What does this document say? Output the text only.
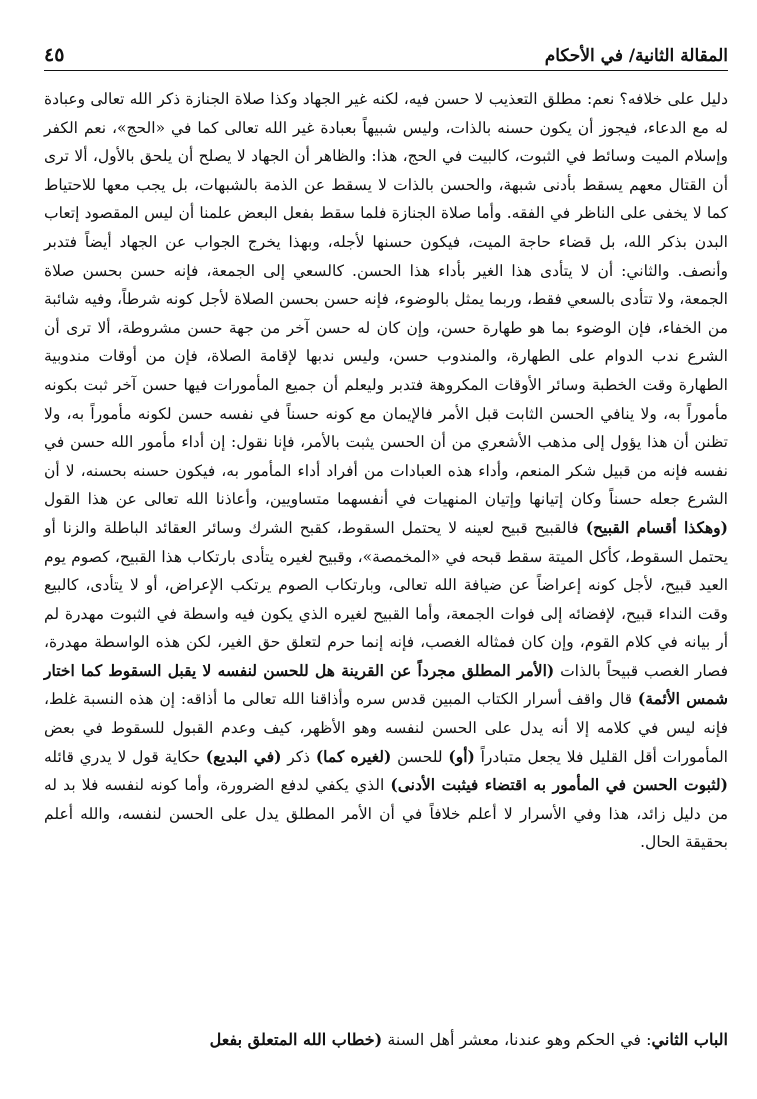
المقالة الثانية/ في الأحكام
٤٥

دليل على خلافه؟ نعم: مطلق التعذيب لا حسن فيه، لكنه غير الجهاد وكذا صلاة الجنازة ذكر الله تعالى وعبادة له مع الدعاء، فيجوز أن يكون حسنه بالذات، وليس شبيهاً بعبادة غير الله تعالى كما في «الحج»، نعم الكفر وإسلام الميت وسائط في الثبوت، كالبيت في الحج، هذا: والظاهر أن الجهاد لا يصلح أن يلحق بالأول، ألا ترى أن القتال معهم يسقط بأدنى شبهة، والحسن بالذات لا يسقط عن الذمة بالشبهات، بل يجب معها للاحتياط كما لا يخفى على الناظر في الفقه. وأما صلاة الجنازة فلما سقط بفعل البعض علمنا أن ليس المقصود إتعاب البدن بذكر الله، بل قضاء حاجة الميت، فيكون حسنها لأجله، وبهذا يخرج الجواب عن الجهاد أيضاً فتدبر وأنصف. والثاني: أن لا يتأدى هذا الغير بأداء هذا الحسن. كالسعي إلى الجمعة، فإنه حسن بحسن صلاة الجمعة، ولا تتأدى بالسعي فقط، وربما يمثل بالوضوء، فإنه حسن بحسن الصلاة لأجل كونه شرطاً، وفيه شائبة من الخفاء، فإن الوضوء بما هو طهارة حسن، وإن كان له حسن آخر من جهة حسن مشروطة، ألا ترى أن الشرع ندب الدوام على الطهارة، والمندوب حسن، وليس ندبها لإقامة الصلاة، فإن من أوقات مندوبية الطهارة وقت الخطبة وسائر الأوقات المكروهة فتدبر وليعلم أن جميع المأمورات فيها حسن آخر ثبت بكونه مأموراً به، ولا ينافي الحسن الثابت قبل الأمر فالإيمان مع كونه حسناً في نفسه حسن لكونه مأموراً به، ولا تظنن أن هذا يؤول إلى مذهب الأشعري من أن الحسن يثبت بالأمر، فإنا نقول: إن أداء مأمور الله حسن في نفسه فإنه من قبيل شكر المنعم، وأداء هذه العبادات من أفراد أداء المأمور به، فيكون حسنه بحسنه، لا أن الشرع جعله حسناً وكان إتيانها وإتيان المنهيات في أنفسهما متساويين، وأعاذنا الله تعالى عن هذا القول (وهكذا أقسام القبيح) فالقبيح قبيح لعينه لا يحتمل السقوط، كقبح الشرك وسائر العقائد الباطلة والزنا أو يحتمل السقوط، كأكل الميتة سقط قبحه في «المخمصة»، وقبيح لغيره يتأدى بارتكاب هذا القبيح، كصوم يوم العيد قبيح، لأجل كونه إعراضاً عن ضيافة الله تعالى، وبارتكاب الصوم يرتكب الإعراض، أو لا يتأدى، كالبيع وقت النداء قبيح، لإفضائه إلى فوات الجمعة، وأما القبيح لغيره الذي يكون فيه واسطة في الثبوت مهدرة لم أر بيانه في كلام القوم، وإن كان فمثاله الغصب، فإنه إنما حرم لتعلق حق الغير، لكن هذه الواسطة مهدرة، فصار الغصب قبيحاً بالذات (الأمر المطلق مجرداً عن القرينة هل للحسن لنفسه لا يقبل السقوط كما اختار شمس الأئمة) قال واقف أسرار الكتاب المبين قدس سره وأذاقنا الله تعالى ما أذاقه: إن هذه النسبة غلط، فإنه ليس في كلامه إلا أنه يدل على الحسن لنفسه وهو الأظهر، كيف وعدم القبول للسقوط في بعض المأمورات أقل القليل فلا يجعل متبادراً (أو) للحسن (لغيره كما) ذكر (في البديع) حكاية قول لا يدري قائله (لثبوت الحسن في المأمور به اقتضاء فيثبت الأدنى) الذي يكفي لدفع الضرورة، وأما كونه لنفسه فلا بد له من دليل زائد، هذا وفي الأسرار لا أعلم خلافاً في أن الأمر المطلق يدل على الحسن لنفسه، والله أعلم بحقيقة الحال.

الباب الثاني: في الحكم وهو عندنا، معشر أهل السنة (خطاب الله المتعلق بفعل
